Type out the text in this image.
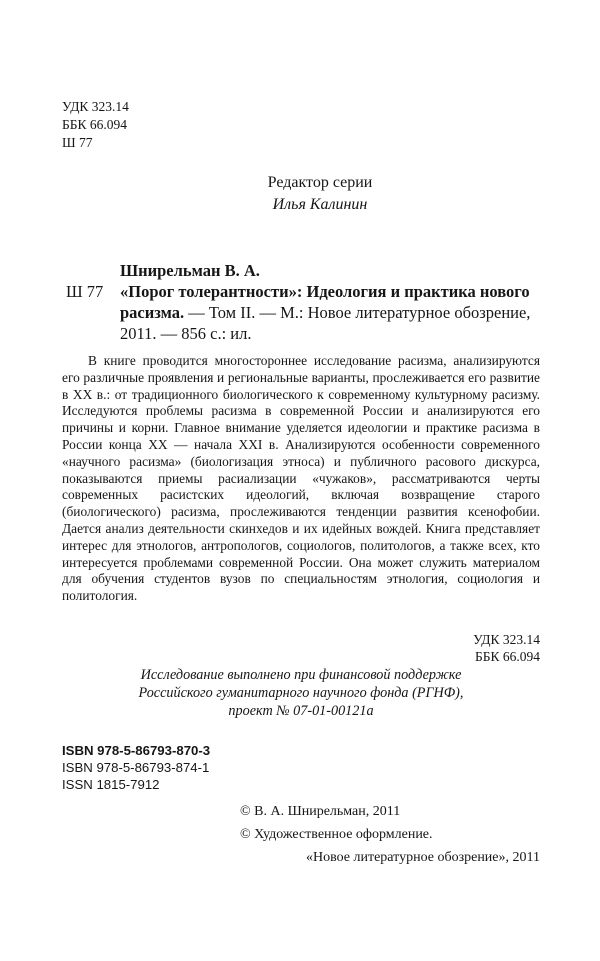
УДК 323.14
ББК 66.094
Ш 77
Редактор серии
Илья Калинин
Шнирельман В. А.
Ш 77	«Порог толерантности»: Идеология и практика нового расизма. — Том II. — М.: Новое литературное обозрение, 2011. — 856 с.: ил.

В книге проводится многостороннее исследование расизма, анализируются его различные проявления и региональные варианты, прослеживается его развитие в XX в.: от традиционного биологического к современному культурному расизму. Исследуются проблемы расизма в современной России и анализируются его причины и корни. Главное внимание уделяется идеологии и практике расизма в России конца XX — начала XXI в. Анализируются особенности современного «научного расизма» (биологизация этноса) и публичного расового дискурса, показываются приемы расиализации «чужаков», рассматриваются черты современных расистских идеологий, включая возвращение старого (биологического) расизма, прослеживаются тенденции развития ксенофобии. Дается анализ деятельности скинхедов и их идейных вождей. Книга представляет интерес для этнологов, антропологов, социологов, политологов, а также всех, кто интересуется проблемами современной России. Она может служить материалом для обучения студентов вузов по специальностям этнология, социология и политология.

УДК 323.14
ББК 66.094
Исследование выполнено при финансовой поддержке
Российского гуманитарного научного фонда (РГНФ),
проект № 07-01-00121а
ISBN 978-5-86793-870-3
ISBN 978-5-86793-874-1
ISSN 1815-7912
© В. А. Шнирельман, 2011
© Художественное оформление.
«Новое литературное обозрение», 2011
